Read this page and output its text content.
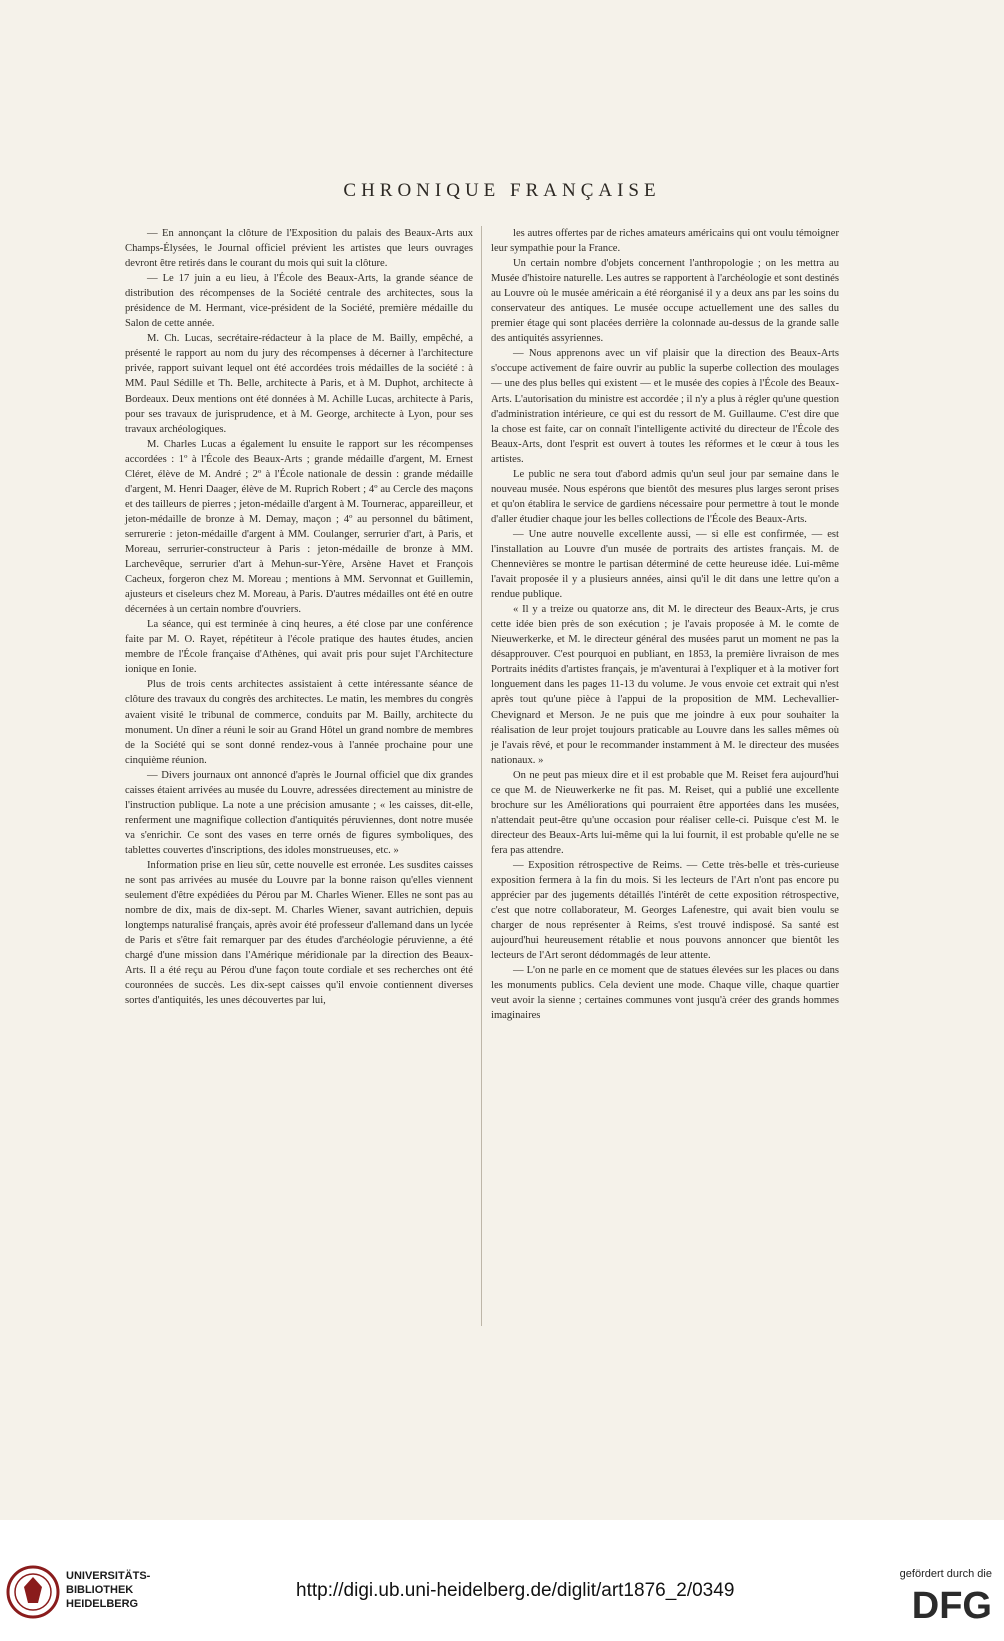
CHRONIQUE FRANÇAISE

— En annonçant la clôture de l'Exposition du palais des Beaux-Arts aux Champs-Élysées, le Journal officiel prévient les artistes que leurs ouvrages devront être retirés dans le courant du mois qui suit la clôture.

— Le 17 juin a eu lieu, à l'École des Beaux-Arts, la grande séance de distribution des récompenses de la Société centrale des architectes, sous la présidence de M. Hermant, vice-président de la Société, première médaille du Salon de cette année.

M. Ch. Lucas, secrétaire-rédacteur à la place de M. Bailly, empêché, a présenté le rapport au nom du jury des récompenses à décerner à l'architecture privée, rapport suivant lequel ont été accordées trois médailles de la société : à MM. Paul Sédille et Th. Belle, architecte à Paris, et à M. Duphot, architecte à Bordeaux. Deux mentions ont été données à M. Achille Lucas, architecte à Paris, pour ses travaux de jurisprudence, et à M. George, architecte à Lyon, pour ses travaux archéologiques.

M. Charles Lucas a également lu ensuite le rapport sur les récompenses accordées : 1º à l'École des Beaux-Arts ; grande médaille d'argent, M. Ernest Cléret, élève de M. André ; 2º à l'École nationale de dessin : grande médaille d'argent, M. Henri Daager, élève de M. Ruprich Robert ; 4º au Cercle des maçons et des tailleurs de pierres ; jeton-médaille d'argent à M. Tournerac, appareilleur, et jeton-médaille de bronze à M. Demay, maçon ; 4º au personnel du bâtiment, serrurerie : jeton-médaille d'argent à MM. Coulanger, serrurier d'art, à Paris, et Moreau, serrurier-constructeur à Paris : jeton-médaille de bronze à MM. Larchevêque, serrurier d'art à Mehun-sur-Yère, Arsène Havet et François Cacheux, forgeron chez M. Moreau ; mentions à MM. Servonnat et Guillemin, ajusteurs et ciseleurs chez M. Moreau, à Paris. D'autres médailles ont été en outre décernées à un certain nombre d'ouvriers.

La séance, qui est terminée à cinq heures, a été close par une conférence faite par M. O. Rayet, répétiteur à l'école pratique des hautes études, ancien membre de l'École française d'Athènes, qui avait pris pour sujet l'Architecture ionique en Ionie.

Plus de trois cents architectes assistaient à cette intéressante séance de clôture des travaux du congrès des architectes. Le matin, les membres du congrès avaient visité le tribunal de commerce, conduits par M. Bailly, architecte du monument. Un dîner a réuni le soir au Grand Hôtel un grand nombre de membres de la Société qui se sont donné rendez-vous à l'année prochaine pour une cinquième réunion.

— Divers journaux ont annoncé d'après le Journal officiel que dix grandes caisses étaient arrivées au musée du Louvre, adressées directement au ministre de l'instruction publique. La note a une précision amusante ; « les caisses, dit-elle, renferment une magnifique collection d'antiquités péruviennes, dont notre musée va s'enrichir. Ce sont des vases en terre ornés de figures symboliques, des tablettes couvertes d'inscriptions, des idoles monstrueuses, etc. »

Information prise en lieu sûr, cette nouvelle est erronée. Les susdites caisses ne sont pas arrivées au musée du Louvre par la bonne raison qu'elles viennent seulement d'être expédiées du Pérou par M. Charles Wiener. Elles ne sont pas au nombre de dix, mais de dix-sept. M. Charles Wiener, savant autrichien, depuis longtemps naturalisé français, après avoir été professeur d'allemand dans un lycée de Paris et s'être fait remarquer par des études d'archéologie péruvienne, a été chargé d'une mission dans l'Amérique méridionale par la direction des Beaux-Arts. Il a été reçu au Pérou d'une façon toute cordiale et ses recherches ont été couronnées de succès. Les dix-sept caisses qu'il envoie contiennent diverses sortes d'antiquités, les unes découvertes par lui,

les autres offertes par de riches amateurs américains qui ont voulu témoigner leur sympathie pour la France.

Un certain nombre d'objets concernent l'anthropologie ; on les mettra au Musée d'histoire naturelle. Les autres se rapportent à l'archéologie et sont destinés au Louvre où le musée américain a été réorganisé il y a deux ans par les soins du conservateur des antiques. Le musée occupe actuellement une des salles du premier étage qui sont placées derrière la colonnade au-dessus de la grande salle des antiquités assyriennes.

— Nous apprenons avec un vif plaisir que la direction des Beaux-Arts s'occupe activement de faire ouvrir au public la superbe collection des moulages — une des plus belles qui existent — et le musée des copies à l'École des Beaux-Arts. L'autorisation du ministre est accordée ; il n'y a plus à régler qu'une question d'administration intérieure, ce qui est du ressort de M. Guillaume. C'est dire que la chose est faite, car on connaît l'intelligente activité du directeur de l'École des Beaux-Arts, dont l'esprit est ouvert à toutes les réformes et le cœur à tous les artistes.

Le public ne sera tout d'abord admis qu'un seul jour par semaine dans le nouveau musée. Nous espérons que bientôt des mesures plus larges seront prises et qu'on établira le service de gardiens nécessaire pour permettre à tout le monde d'aller étudier chaque jour les belles collections de l'École des Beaux-Arts.

— Une autre nouvelle excellente aussi, — si elle est confirmée, — est l'installation au Louvre d'un musée de portraits des artistes français. M. de Chennevières se montre le partisan déterminé de cette heureuse idée. Lui-même l'avait proposée il y a plusieurs années, ainsi qu'il le dit dans une lettre qu'on a rendue publique.

« Il y a treize ou quatorze ans, dit M. le directeur des Beaux-Arts, je crus cette idée bien près de son exécution ; je l'avais proposée à M. le comte de Nieuwerkerke, et M. le directeur général des musées parut un moment ne pas la désapprouver. C'est pourquoi en publiant, en 1853, la première livraison de mes Portraits inédits d'artistes français, je m'aventurai à l'expliquer et à la motiver fort longuement dans les pages 11-13 du volume. Je vous envoie cet extrait qui n'est après tout qu'une pièce à l'appui de la proposition de MM. Lechevallier-Chevignard et Merson. Je ne puis que me joindre à eux pour souhaiter la réalisation de leur projet toujours praticable au Louvre dans les salles mêmes où je l'avais rêvé, et pour le recommander instamment à M. le directeur des musées nationaux. »

On ne peut pas mieux dire et il est probable que M. Reiset fera aujourd'hui ce que M. de Nieuwerkerke ne fit pas. M. Reiset, qui a publié une excellente brochure sur les Améliorations qui pourraient être apportées dans les musées, n'attendait peut-être qu'une occasion pour réaliser celle-ci. Puisque c'est M. le directeur des Beaux-Arts lui-même qui la lui fournit, il est probable qu'elle ne se fera pas attendre.

— Exposition rétrospective de Reims. — Cette très-belle et très-curieuse exposition fermera à la fin du mois. Si les lecteurs de l'Art n'ont pas encore pu apprécier par des jugements détaillés l'intérêt de cette exposition rétrospective, c'est que notre collaborateur, M. Georges Lafenestre, qui avait bien voulu se charger de nous représenter à Reims, s'est trouvé indisposé. Sa santé est aujourd'hui heureusement rétablie et nous pouvons annoncer que bientôt les lecteurs de l'Art seront dédommagés de leur attente.

— L'on ne parle en ce moment que de statues élevées sur les places ou dans les monuments publics. Cela devient une mode. Chaque ville, chaque quartier veut avoir la sienne ; certaines communes vont jusqu'à créer des grands hommes imaginaires

UNIVERSITÄTS-
BIBLIOTHEK
HEIDELBERG
http://digi.ub.uni-heidelberg.de/diglit/art1876_2/0349
gefördert durch die
DFG
